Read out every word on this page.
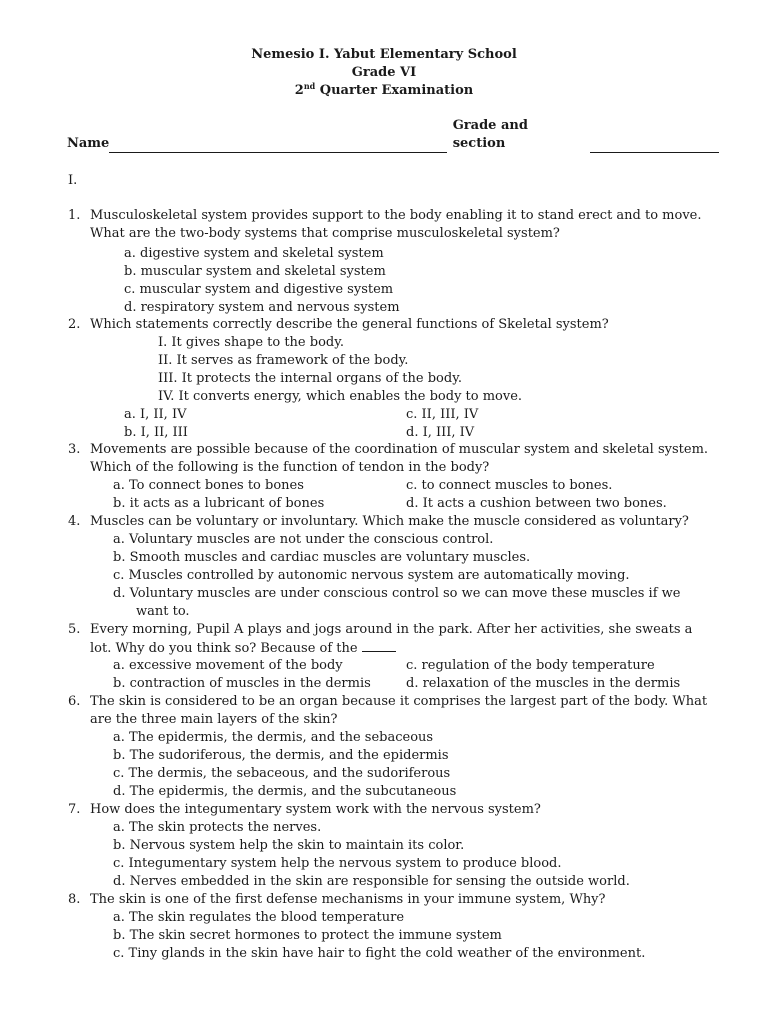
Nemesio I. Yabut Elementary School
Grade VI
2nd Quarter Examination
Name
Grade and section
I.
1. Musculoskeletal system provides support to the body enabling it to stand erect and to move. What are the two-body systems that comprise musculoskeletal system?
a. digestive system and skeletal system
b. muscular system and skeletal system
c. muscular system and digestive system
d. respiratory system and nervous system
2. Which statements correctly describe the general functions of Skeletal system?
I. It gives shape to the body.
II. It serves as framework of the body.
III. It protects the internal organs of the body.
IV. It converts energy, which enables the body to move.
a. I, II, IV	c. II, III, IV
b. I, II, III	d. I, III, IV
3. Movements are possible because of the coordination of muscular system and skeletal system. Which of the following is the function of tendon in the body?
a. To connect bones to bones	c. to connect muscles to bones.
b. it acts as a lubricant of bones	d. It acts a cushion between two bones.
4. Muscles can be voluntary or involuntary. Which make the muscle considered as voluntary?
a. Voluntary muscles are not under the conscious control.
b. Smooth muscles and cardiac muscles are voluntary muscles.
c. Muscles controlled by autonomic nervous system are automatically moving.
d. Voluntary muscles are under conscious control so we can move these muscles if we
want to.
5. Every morning, Pupil A plays and jogs around in the park. After her activities, she sweats a
lot. Why do you think so? Because of the
a. excessive movement of the body	c. regulation of the body temperature
b. contraction of muscles in the dermis	d. relaxation of the muscles in the dermis
6. The skin is considered to be an organ because it comprises the largest part of the body. What are the three main layers of the skin?
a. The epidermis, the dermis, and the sebaceous
b. The sudoriferous, the dermis, and the epidermis
c. The dermis, the sebaceous, and the sudoriferous
d. The epidermis, the dermis, and the subcutaneous
7. How does the integumentary system work with the nervous system?
a. The skin protects the nerves.
b. Nervous system help the skin to maintain its color.
c. Integumentary system help the nervous system to produce blood.
d. Nerves embedded in the skin are responsible for sensing the outside world.
8. The skin is one of the first defense mechanisms in your immune system, Why?
a. The skin regulates the blood temperature
b. The skin secret hormones to protect the immune system
c. Tiny glands in the skin have hair to fight the cold weather of the environment.
